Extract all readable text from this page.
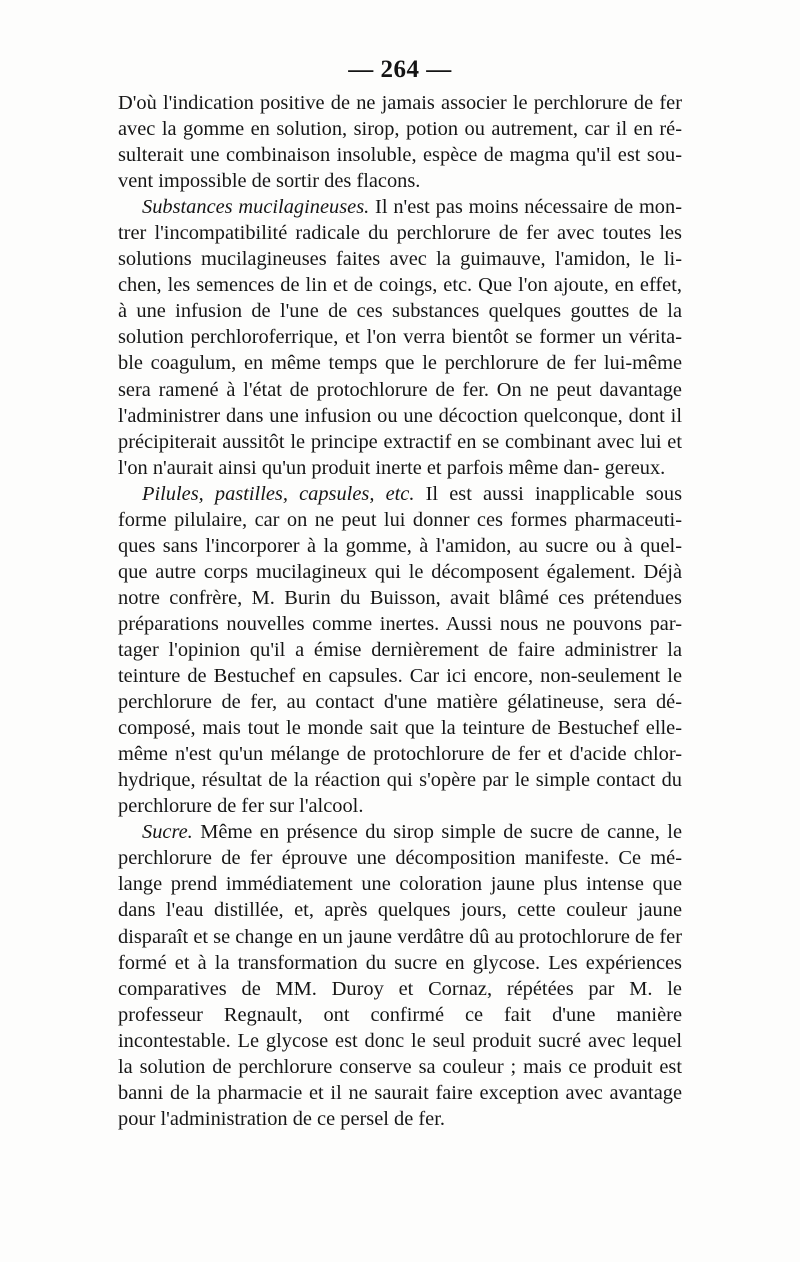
— 264 —

D'où l'indication positive de ne jamais associer le perchlorure de fer avec la gomme en solution, sirop, potion ou autrement, car il en ré- sulterait une combinaison insoluble, espèce de magma qu'il est sou- vent impossible de sortir des flacons.

Substances mucilagineuses. Il n'est pas moins nécessaire de mon- trer l'incompatibilité radicale du perchlorure de fer avec toutes les solutions mucilagineuses faites avec la guimauve, l'amidon, le li- chen, les semences de lin et de coings, etc. Que l'on ajoute, en effet, à une infusion de l'une de ces substances quelques gouttes de la solution perchloroferrique, et l'on verra bientôt se former un vérita- ble coagulum, en même temps que le perchlorure de fer lui-même sera ramené à l'état de protochlorure de fer. On ne peut davantage l'administrer dans une infusion ou une décoction quelconque, dont il précipiterait aussitôt le principe extractif en se combinant avec lui et l'on n'aurait ainsi qu'un produit inerte et parfois même dan- gereux.

Pilules, pastilles, capsules, etc. Il est aussi inapplicable sous forme pilulaire, car on ne peut lui donner ces formes pharmaceuti- ques sans l'incorporer à la gomme, à l'amidon, au sucre ou à quel- que autre corps mucilagineux qui le décomposent également. Déjà notre confrère, M. Burin du Buisson, avait blâmé ces prétendues préparations nouvelles comme inertes. Aussi nous ne pouvons par- tager l'opinion qu'il a émise dernièrement de faire administrer la teinture de Bestuchef en capsules. Car ici encore, non-seulement le perchlorure de fer, au contact d'une matière gélatineuse, sera dé- composé, mais tout le monde sait que la teinture de Bestuchef elle- même n'est qu'un mélange de protochlorure de fer et d'acide chlor- hydrique, résultat de la réaction qui s'opère par le simple contact du perchlorure de fer sur l'alcool.

Sucre. Même en présence du sirop simple de sucre de canne, le perchlorure de fer éprouve une décomposition manifeste. Ce mé- lange prend immédiatement une coloration jaune plus intense que dans l'eau distillée, et, après quelques jours, cette couleur jaune disparaît et se change en un jaune verdâtre dû au protochlorure de fer formé et à la transformation du sucre en glycose. Les expériences comparatives de MM. Duroy et Cornaz, répétées par M. le professeur Regnault, ont confirmé ce fait d'une manière incontestable. Le glycose est donc le seul produit sucré avec lequel la solution de perchlorure conserve sa couleur ; mais ce produit est banni de la pharmacie et il ne saurait faire exception avec avantage pour l'administration de ce persel de fer.
